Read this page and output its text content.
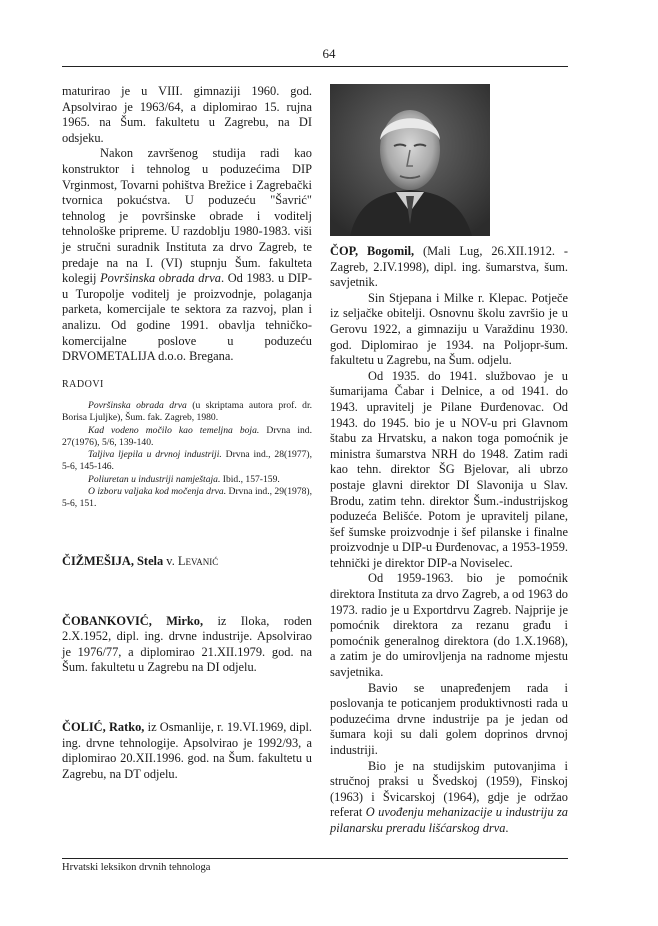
64

maturirao je u VIII. gimnaziji 1960. god. Apsolvirao je 1963/64, a diplomirao 15. rujna 1965. na Šum. fakultetu u Zagrebu, na DI odsjeku.

Nakon završenog studija radi kao konstruktor i tehnolog u poduzećima DIP Vrginmost, Tovarni pohištva Brežice i Zagrebački tvornica pokućstva. U poduzeću "Šavrić" tehnolog je površinske obrade i voditelj tehnološke pripreme. U razdoblju 1980-1983. viši je stručni suradnik Instituta za drvo Zagreb, te predaje na na I. (VI) stupnju Šum. fakulteta kolegij Površinska obrada drva. Od 1983. u DIP-u Turopolje voditelj je proizvodnje, polaganja parketa, komercijale te sektora za razvoj, plan i analizu. Od godine 1991. obavlja tehničko-komercijalne poslove u poduzeću DRVOMETALIJA d.o.o. Bregana.

RADOVI

Površinska obrada drva (u skriptama autora prof. dr. Borisa Ljuljke), Šum. fak. Zagreb, 1980.

Kad vodeno močilo kao temeljna boja. Drvna ind. 27(1976), 5/6, 139-140.

Taljiva ljepila u drvnoj industriji. Drvna ind., 28(1977), 5-6, 145-146.

Poliuretan u industriji namještaja. Ibid., 157-159.

O izboru valjaka kod močenja drva. Drvna ind., 29(1978), 5-6, 151.

ČIŽMEŠIJA, Stela v. Levanić

ČOBANKOVIĆ, Mirko, iz Iloka, roden 2.X.1952, dipl. ing. drvne industrije. Apsolvirao je 1976/77, a diplomirao 21.XII.1979. god. na Šum. fakultetu u Zagrebu na DI odjelu.

ČOLIĆ, Ratko, iz Osmanlije, r. 19.VI.1969, dipl. ing. drvne tehnologije. Apsolvirao je 1992/93, a diplomirao 20.XII.1996. god. na Šum. fakultetu u Zagrebu, na DT odjelu.

ČOP, Bogomil, (Mali Lug, 26.XII.1912. - Zagreb, 2.IV.1998), dipl. ing. šumarstva, šum. savjetnik.

Sin Stjepana i Milke r. Klepac. Potječe iz seljačke obitelji. Osnovnu školu završio je u Gerovu 1922, a gimnaziju u Varaždinu 1930. god. Diplomirao je 1934. na Poljopr-šum. fakultetu u Zagrebu, na Šum. odjelu.

Od 1935. do 1941. službovao je u šumarijama Čabar i Delnice, a od 1941. do 1943. upravitelj je Pilane Đurđenovac. Od 1943. do 1945. bio je u NOV-u pri Glavnom štabu za Hrvatsku, a nakon toga pomoćnik je ministra šumarstva NRH do 1948. Zatim radi kao tehn. direktor ŠG Bjelovar, ali ubrzo postaje glavni direktor DI Slavonija u Slav. Brodu, zatim tehn. direktor Šum.-industrijskog poduzeća Belišće. Potom je upravitelj pilane, šef šumske proizvodnje i šef pilanske i finalne proizvodnje u DIP-u Đurđenovac, a 1953-1959. tehnički je direktor DIP-a Noviselec.

Od 1959-1963. bio je pomoćnik direktora Instituta za drvo Zagreb, a od 1963 do 1973. radio je u Exportdrvu Zagreb. Najprije je pomoćnik direktora za rezanu građu i pomoćnik generalnog direktora (do 1.X.1968), a zatim je do umirovljenja na radnome mjestu savjetnika.

Bavio se unapređenjem rada i poslovanja te poticanjem produktivnosti rada u poduzećima drvne industrije pa je jedan od šumara koji su dali golem doprinos drvnoj industriji.

Bio je na studijskim putovanjima i stručnoj praksi u Švedskoj (1959), Finskoj (1963) i Švicarskoj (1964), gdje je održao referat O uvođenju mehanizacije u industriju za pilanarsku preradu lišćarskog drva.

Hrvatski leksikon drvnih tehnologa
